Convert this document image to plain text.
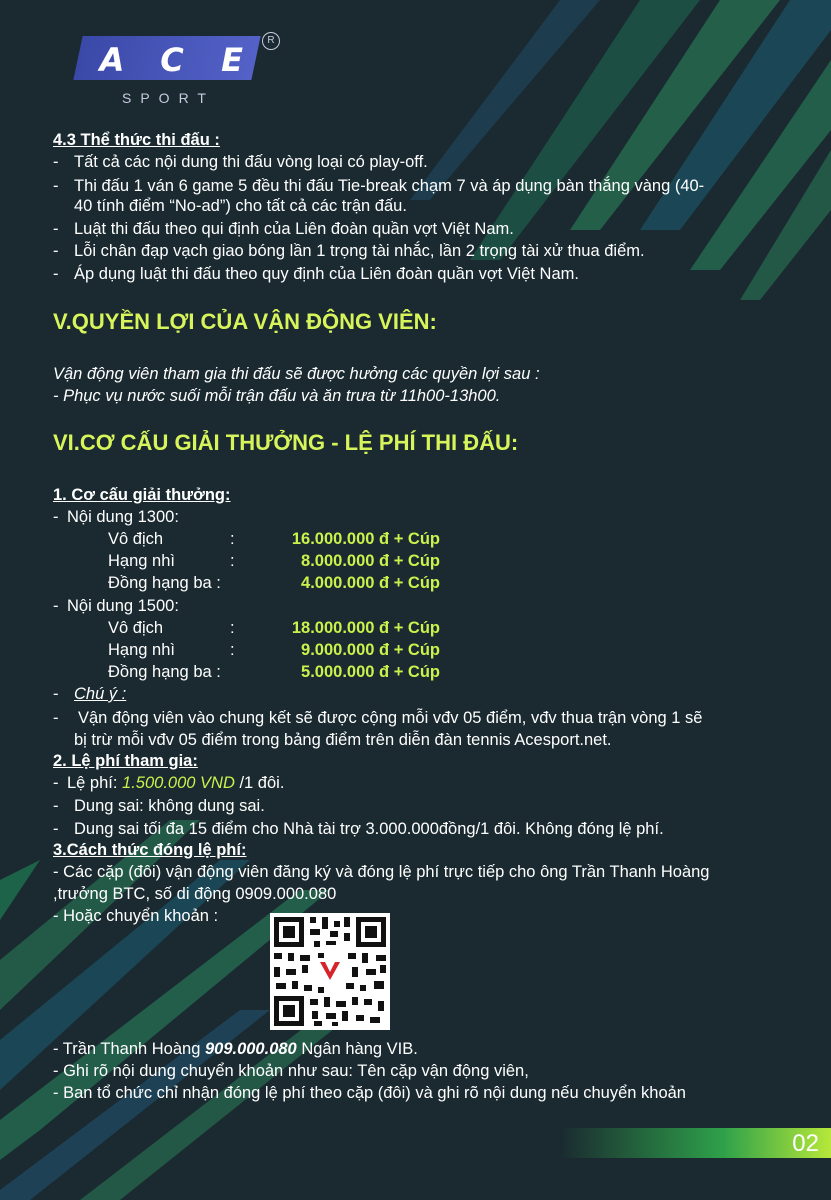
A C E
R
SPORT
4.3 Thể thức thi đấu :
- Tất cả các nội dung thi đấu vòng loại có play-off.
- Thi đấu 1 ván 6 game 5 đều thi đấu Tie-break chạm 7 và áp dụng bàn thắng vàng (40-
40 tính điểm “No-ad”) cho tất cả các trận đấu.
- Luật thi đấu theo qui định của Liên đoàn quần vợt Việt Nam.
- Lỗi chân đạp vạch giao bóng lần 1 trọng tài nhắc, lần 2 trọng tài xử thua điểm.
- Áp dụng luật thi đấu theo quy định của Liên đoàn quần vợt Việt Nam.
V.QUYỀN LỢI CỦA VẬN ĐỘNG VIÊN:
Vận động viên tham gia thi đấu sẽ được hưởng các quyền lợi sau :
- Phục vụ nước suối mỗi trận đấu và ăn trưa từ 11h00-13h00.
VI.CƠ CẤU GIẢI THƯỞNG - LỆ PHÍ THI ĐẤU:
1. Cơ cấu giải thưởng:
- Nội dung 1300:
Vô địch	:	16.000.000 đ + Cúp
Hạng nhì	:	8.000.000 đ + Cúp
Đồng hạng ba :	4.000.000 đ + Cúp
- Nội dung 1500:
Vô địch	:	18.000.000 đ + Cúp
Hạng nhì	:	9.000.000 đ + Cúp
Đồng hạng ba :	5.000.000 đ + Cúp
- Chú ý :
- Vận động viên vào chung kết sẽ được cộng mỗi vđv 05 điểm, vđv thua trận vòng 1 sẽ
bị trừ mỗi vđv 05 điểm trong bảng điểm trên diễn đàn tennis Acesport.net.
2. Lệ phí tham gia:
- Lệ phí: 1.500.000 VND /1 đôi.
- Dung sai: không dung sai.
- Dung sai tối đa 15 điểm cho Nhà tài trợ 3.000.000đồng/1 đôi. Không đóng lệ phí.
3.Cách thức đóng lệ phí:
- Các cặp (đôi) vận động viên đăng ký và đóng lệ phí trực tiếp cho ông Trần Thanh Hoàng
,trưởng BTC, số di động 0909.000.080
- Hoặc chuyển khoản :
- Trần Thanh Hoàng 909.000.080 Ngân hàng VIB.
- Ghi rõ nội dung chuyển khoản như sau: Tên cặp vận động viên,
- Ban tổ chức chỉ nhận đóng lệ phí theo cặp (đôi) và ghi rõ nội dung nếu chuyển khoản
02
